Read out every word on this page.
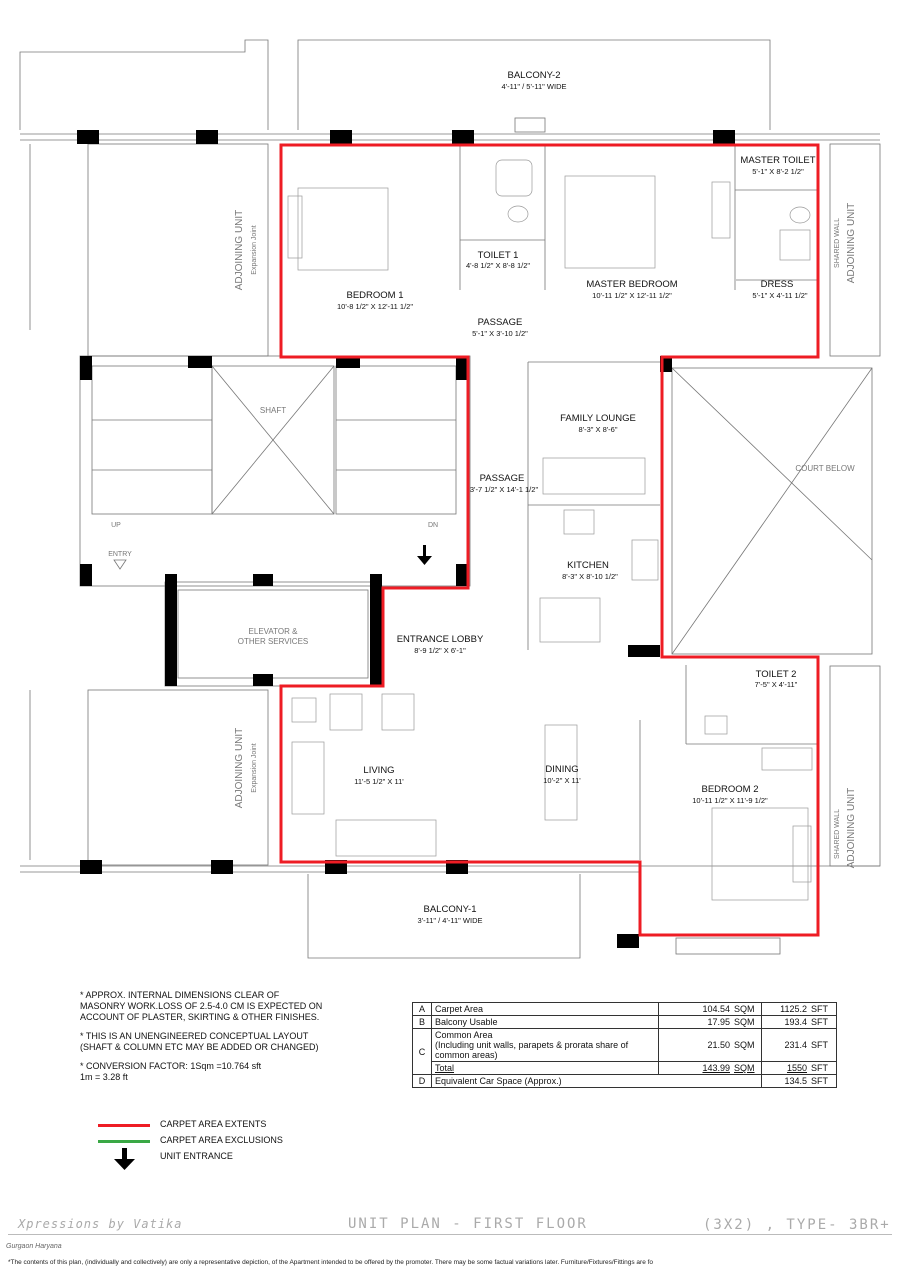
BALCONY-2
4'-11" / 5'-11" WIDE
MASTER TOILET
5'-1" X 8'-2 1/2"
BEDROOM 1
10'-8 1/2" X 12'-11 1/2"
TOILET 1
4'-8 1/2" X 8'-8 1/2"
MASTER BEDROOM
10'-11 1/2" X 12'-11 1/2"
DRESS
5'-1" X 4'-11 1/2"
PASSAGE
5'-1" X 3'-10 1/2"
FAMILY LOUNGE
8'-3" X 8'-6"
PASSAGE
3'-7 1/2" X 14'-1 1/2"
KITCHEN
8'-3" X 8'-10 1/2"
ENTRANCE LOBBY
8'-9 1/2" X 6'-1"
TOILET 2
7'-5" X 4'-11"
LIVING
11'-5 1/2" X 11'
DINING
10'-2" X 11'
BEDROOM 2
10'-11 1/2" X 11'-9 1/2"
BALCONY-1
3'-11" / 4'-11" WIDE
SHAFT
COURT BELOW
UP	DN
ENTRY
ELEVATOR &
OTHER SERVICES
ADJOINING UNIT Expansion Joint
ADJOINING UNIT Expansion Joint
ADJOINING UNIT
SHARED WALL
ADJOINING UNIT
SHARED WALL

* APPROX. INTERNAL DIMENSIONS CLEAR OF
MASONRY WORK.LOSS OF 2.5-4.0 CM IS EXPECTED ON
ACCOUNT OF PLASTER, SKIRTING & OTHER FINISHES.

* THIS IS AN UNENGINEERED CONCEPTUAL LAYOUT
(SHAFT & COLUMN ETC MAY BE ADDED OR CHANGED)

* CONVERSION FACTOR: 1Sqm =10.764 sft
1m = 3.28 ft

A	Carpet Area	104.54	SQM	1125.2	SFT
B	Balcony Usable	17.95	SQM	193.4	SFT
C	Common Area
(Including unit walls, parapets & prorata share of common areas)	21.50	SQM	231.4	SFT
	Total	143.99	SQM	1550	SFT
D	Equivalent Car Space (Approx.)			134.5	SFT
CARPET AREA EXTENTS
CARPET AREA EXCLUSIONS
UNIT ENTRANCE
Xpressions by Vatika	UNIT PLAN - FIRST FLOOR	(3X2) , TYPE- 3BR+
Gurgaon Haryana
*The contents of this plan, (individually and collectively) are only a representative depiction, of the Apartment intended to be offered by the promoter. There may be some factual variations later. Furniture/Fixtures/Fittings are fo
